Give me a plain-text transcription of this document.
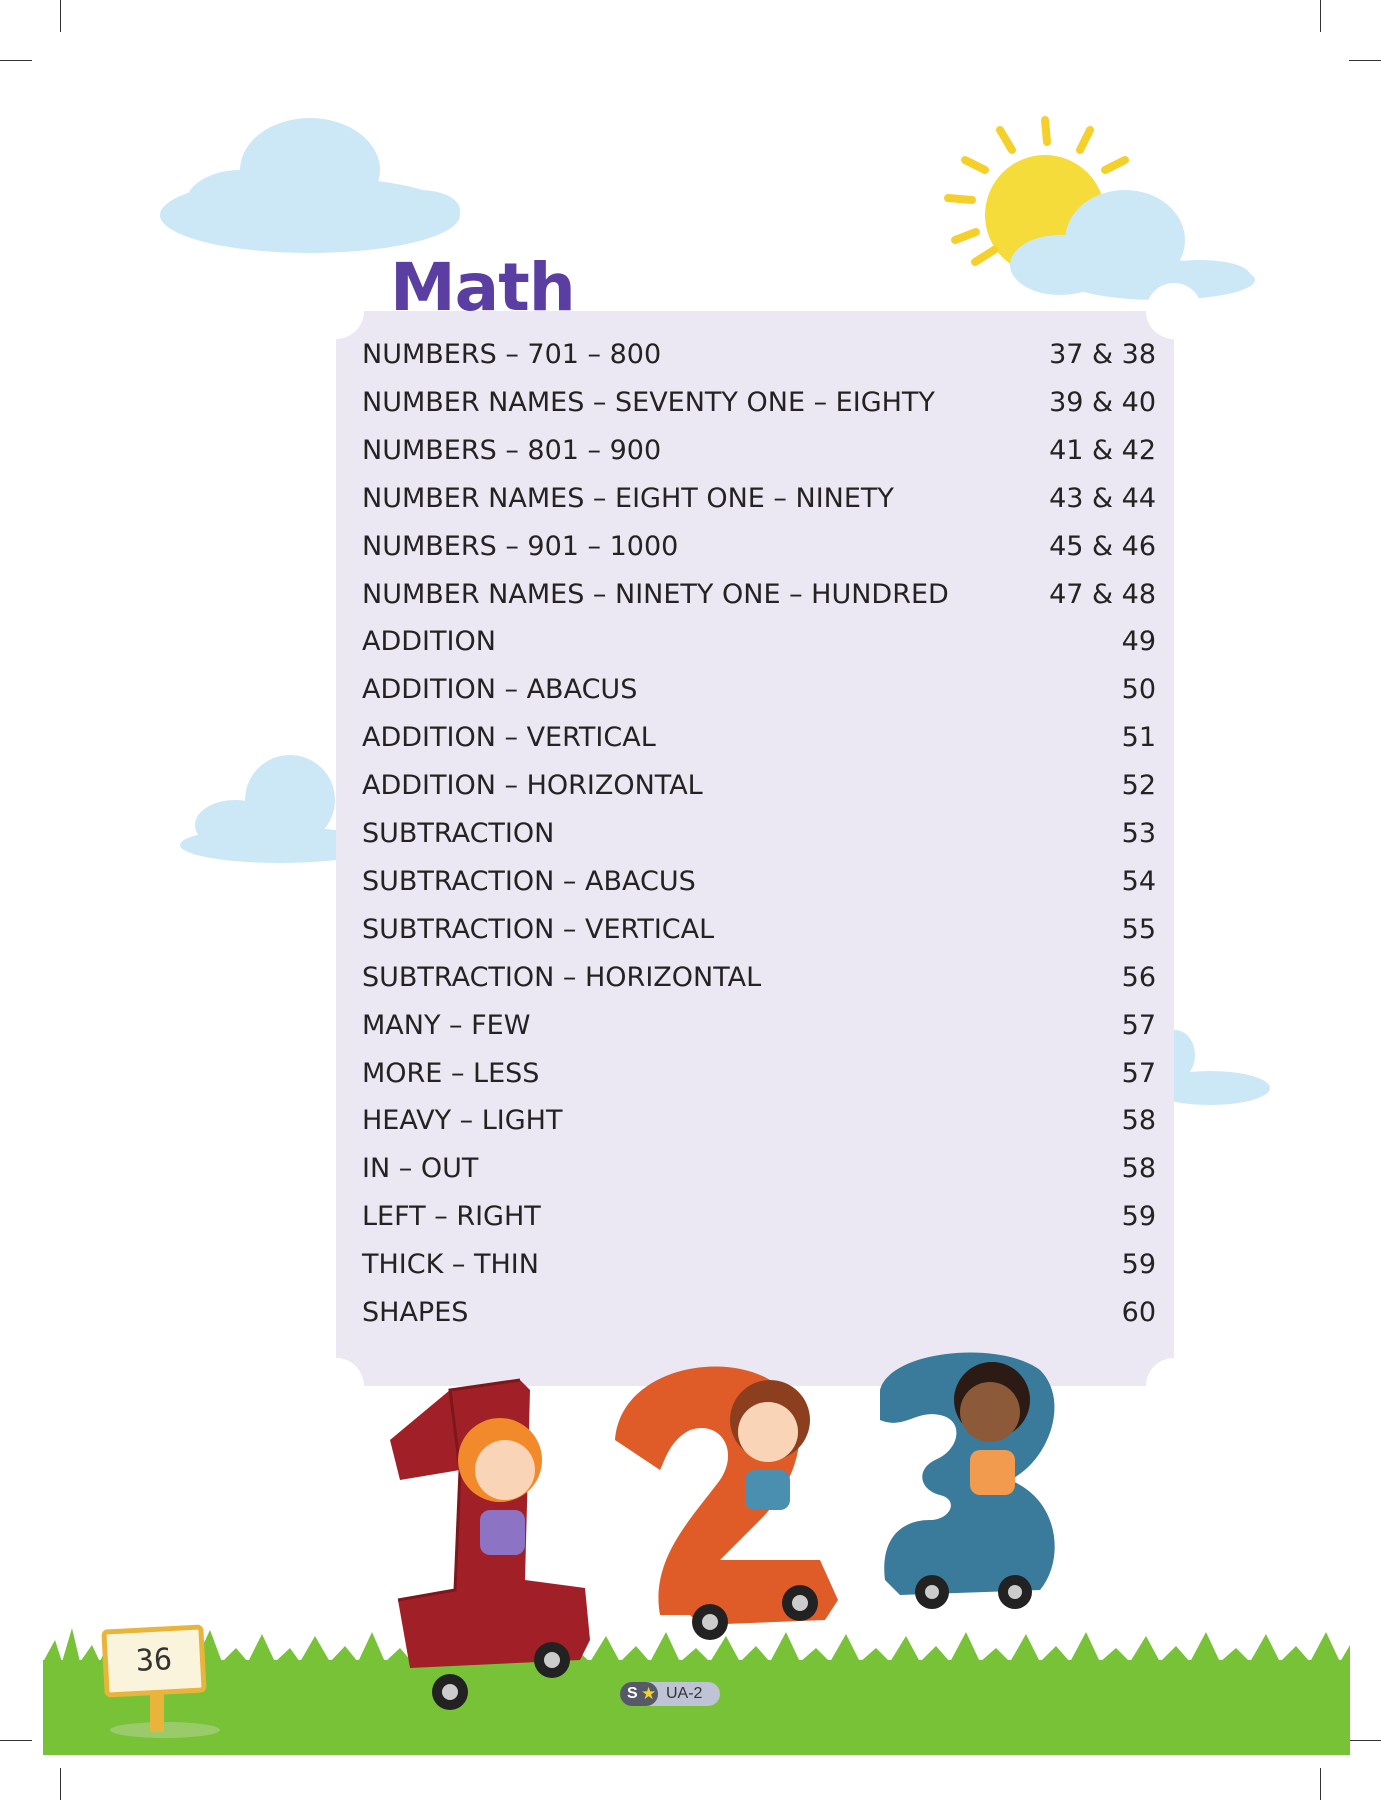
Math
NUMBERS – 701 – 800	37 & 38
NUMBER NAMES – SEVENTY ONE – EIGHTY	39 & 40
NUMBERS – 801 – 900	41 & 42
NUMBER NAMES – EIGHT ONE – NINETY	43 & 44
NUMBERS – 901 – 1000	45 & 46
NUMBER NAMES – NINETY ONE – HUNDRED	47 & 48
ADDITION	49
ADDITION – ABACUS	50
ADDITION – VERTICAL	51
ADDITION – HORIZONTAL	52
SUBTRACTION	53
SUBTRACTION – ABACUS	54
SUBTRACTION – VERTICAL	55
SUBTRACTION – HORIZONTAL	56
MANY – FEW	57
MORE – LESS	57
HEAVY – LIGHT	58
IN – OUT	58
LEFT – RIGHT	59
THICK – THIN	59
SHAPES	60
36
S ★ UA-2
